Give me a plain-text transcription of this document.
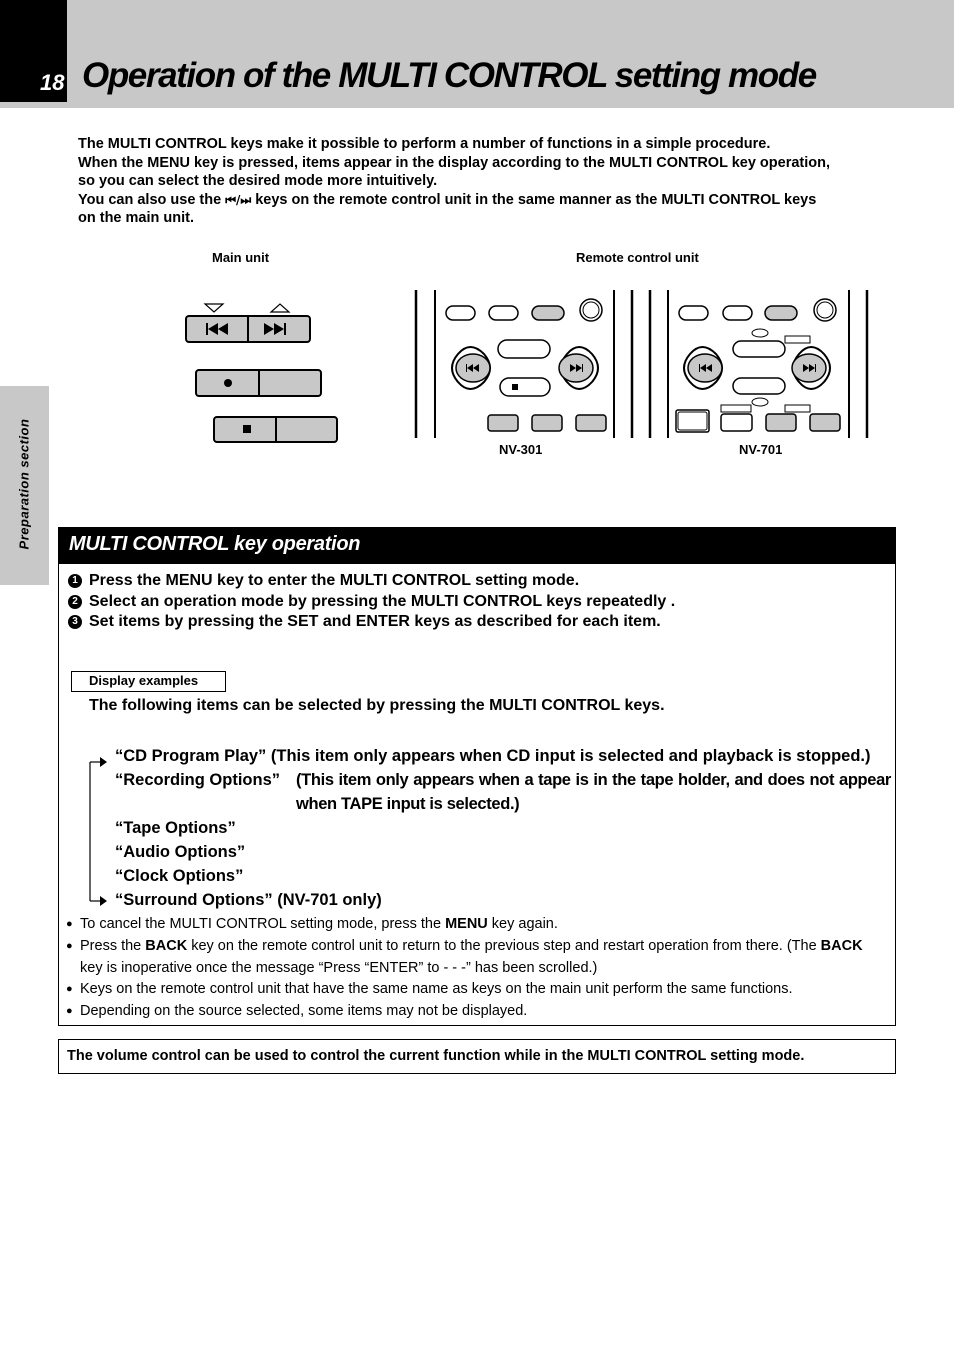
18 Operation of the MULTI CONTROL setting mode
Preparation section

The MULTI CONTROL keys make it possible to perform a number of functions in a simple procedure.

When the MENU key is pressed, items appear in the display according to the MULTI CONTROL key operation,

so you can select the desired mode more intuitively.

You can also use the ⏮/⏭ keys on the remote control unit in the same manner as the MULTI CONTROL keys

on the main unit.

Main unit	Remote control unit
NV-301	NV-701
MULTI CONTROL key operation
1 Press the MENU key to enter the MULTI CONTROL setting mode.
2 Select an operation mode by pressing the MULTI CONTROL keys repeatedly .
3 Set items by pressing the SET and ENTER keys as described for each item.
Display examples
The following items can be selected by pressing the MULTI CONTROL keys.
“CD Program Play” (This item only appears when CD input is selected and playback is stopped.)
“Recording Options” (This item only appears when a tape is in the tape holder, and does not appear when TAPE input is selected.)
“Tape Options”
“Audio Options”
“Clock Options”
“Surround Options” (NV-701 only)
● To cancel the MULTI CONTROL setting mode, press the MENU key again.
● Press the BACK key on the remote control unit to return to the previous step and restart operation from there. (The BACK key is inoperative once the message “Press “ENTER” to - - -” has been scrolled.)
● Keys on the remote control unit that have the same name as keys on the main unit perform the same functions.
● Depending on the source selected, some items may not be displayed.
The volume control can be used to control the current function while in the MULTI CONTROL setting mode.
